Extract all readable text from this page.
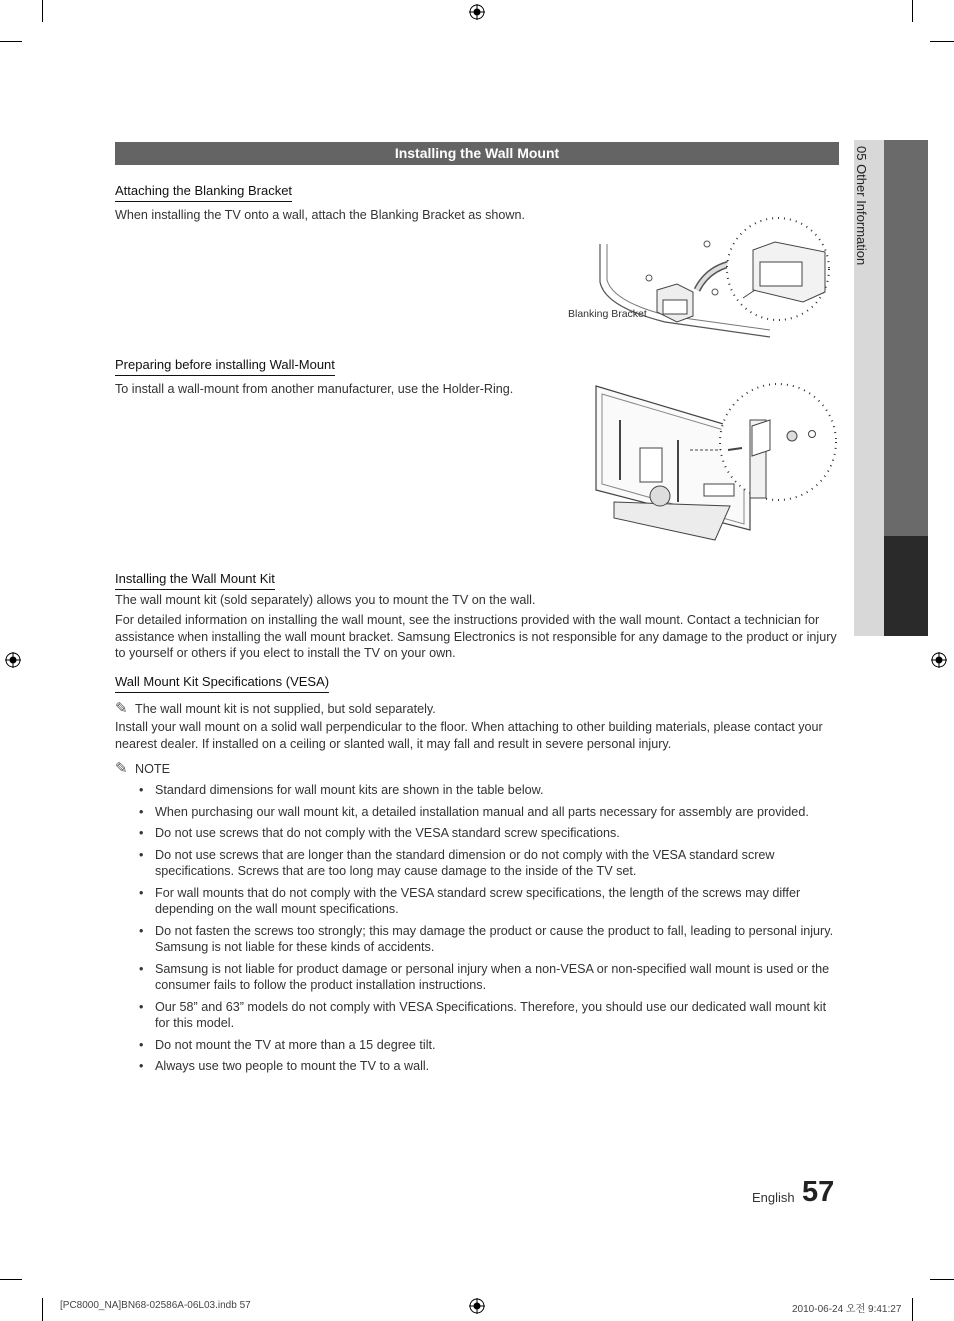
05 Other Information
Installing the Wall Mount
Attaching the Blanking Bracket
When installing the TV onto a wall, attach the Blanking Bracket as shown.
Blanking Bracket
Preparing before installing Wall-Mount
To install a wall-mount from another manufacturer, use the Holder-Ring.
Installing the Wall Mount Kit
The wall mount kit (sold separately) allows you to mount the TV on the wall.
For detailed information on installing the wall mount, see the instructions provided with the wall mount. Contact a technician for assistance when installing the wall mount bracket. Samsung Electronics is not responsible for any damage to the product or injury to yourself or others if you elect to install the TV on your own.
Wall Mount Kit Specifications (VESA)
✎ The wall mount kit is not supplied, but sold separately.
Install your wall mount on a solid wall perpendicular to the floor. When attaching to other building materials, please contact your nearest dealer. If installed on a ceiling or slanted wall, it may fall and result in severe personal injury.
✎ NOTE
• Standard dimensions for wall mount kits are shown in the table below.
• When purchasing our wall mount kit, a detailed installation manual and all parts necessary for assembly are provided.
• Do not use screws that do not comply with the VESA standard screw specifications.
• Do not use screws that are longer than the standard dimension or do not comply with the VESA standard screw specifications. Screws that are too long may cause damage to the inside of the TV set.
• For wall mounts that do not comply with the VESA standard screw specifications, the length of the screws may differ depending on the wall mount specifications.
• Do not fasten the screws too strongly; this may damage the product or cause the product to fall, leading to personal injury. Samsung is not liable for these kinds of accidents.
• Samsung is not liable for product damage or personal injury when a non-VESA or non-specified wall mount is used or the consumer fails to follow the product installation instructions.
• Our 58” and 63” models do not comply with VESA Specifications. Therefore, you should use our dedicated wall mount kit for this model.
• Do not mount the TV at more than a 15 degree tilt.
• Always use two people to mount the TV to a wall.
English 57
[PC8000_NA]BN68-02586A-06L03.indb 57	2010-06-24 오전 9:41:27
